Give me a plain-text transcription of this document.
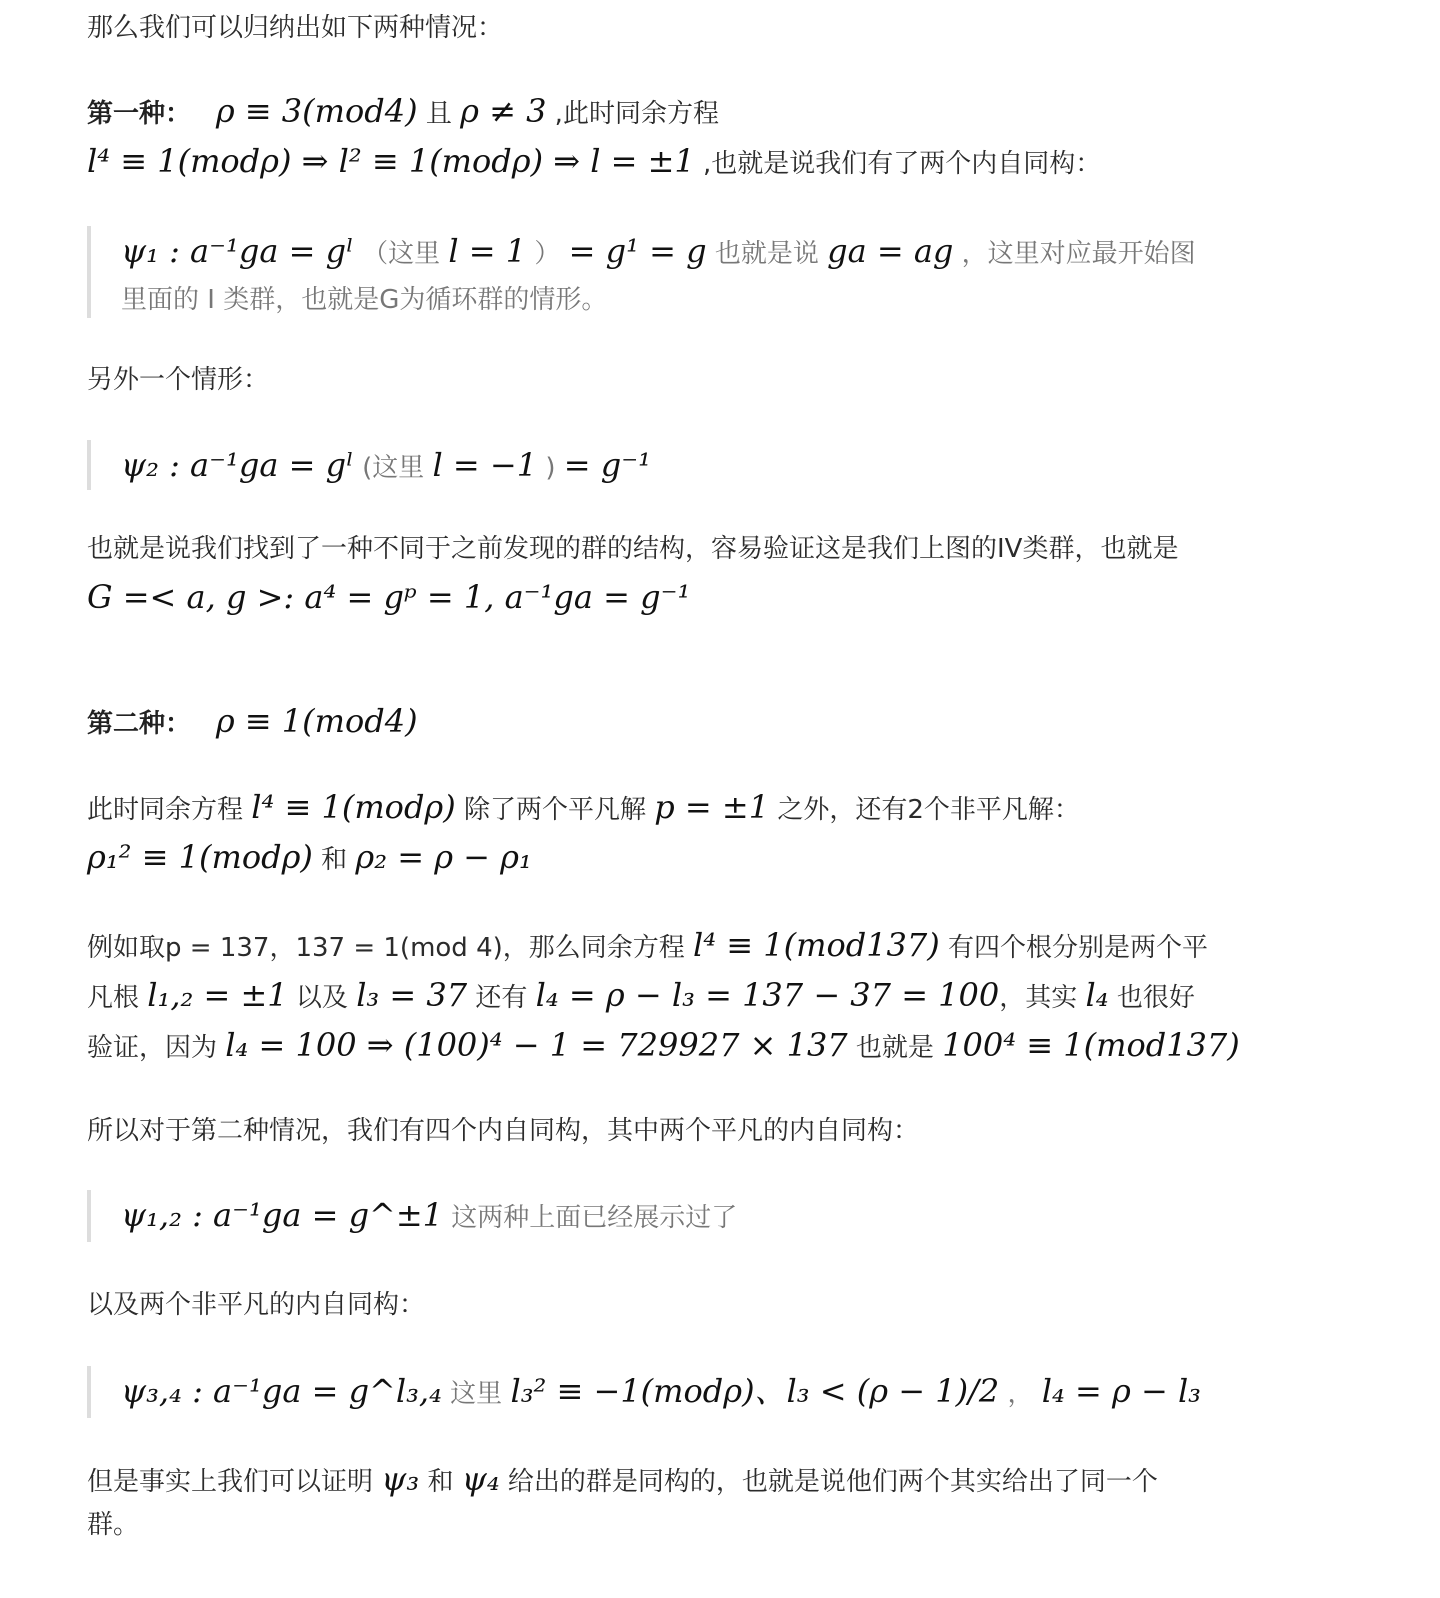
那么我们可以归纳出如下两种情况：
第一种： ρ ≡ 3(mod4) 且 ρ ≠ 3 ,此时同余方程
l⁴ ≡ 1(modρ) ⇒ l² ≡ 1(modρ) ⇒ l = ±1 ,也就是说我们有了两个内自同构：
ψ₁ : a⁻¹ga = gˡ （这里 l = 1 ） = g¹ = g 也就是说 ga = ag ，这里对应最开始图
里面的 I 类群，也就是G为循环群的情形。
另外一个情形：
ψ₂ : a⁻¹ga = gˡ (这里 l = −1 ) = g⁻¹
也就是说我们找到了一种不同于之前发现的群的结构，容易验证这是我们上图的IV类群，也就是
G =< a, g >: a⁴ = gᵖ = 1, a⁻¹ga = g⁻¹
第二种： ρ ≡ 1(mod4)
此时同余方程 l⁴ ≡ 1(modρ) 除了两个平凡解 p = ±1 之外，还有2个非平凡解：
ρ₁² ≡ 1(modρ) 和 ρ₂ = ρ − ρ₁
例如取p = 137，137 = 1(mod 4)，那么同余方程 l⁴ ≡ 1(mod137) 有四个根分别是两个平
凡根 l₁,₂ = ±1 以及 l₃ = 37 还有 l₄ = ρ − l₃ = 137 − 37 = 100，其实 l₄ 也很好
验证，因为 l₄ = 100 ⇒ (100)⁴ − 1 = 729927 × 137 也就是 100⁴ ≡ 1(mod137)
所以对于第二种情况，我们有四个内自同构，其中两个平凡的内自同构：
ψ₁,₂ : a⁻¹ga = g^±1 这两种上面已经展示过了
以及两个非平凡的内自同构：
ψ₃,₄ : a⁻¹ga = g^l₃,₄ 这里 l₃² ≡ −1(modρ)、l₃ < (ρ − 1)/2 ， l₄ = ρ − l₃
但是事实上我们可以证明 ψ₃ 和 ψ₄ 给出的群是同构的，也就是说他们两个其实给出了同一个
群。
